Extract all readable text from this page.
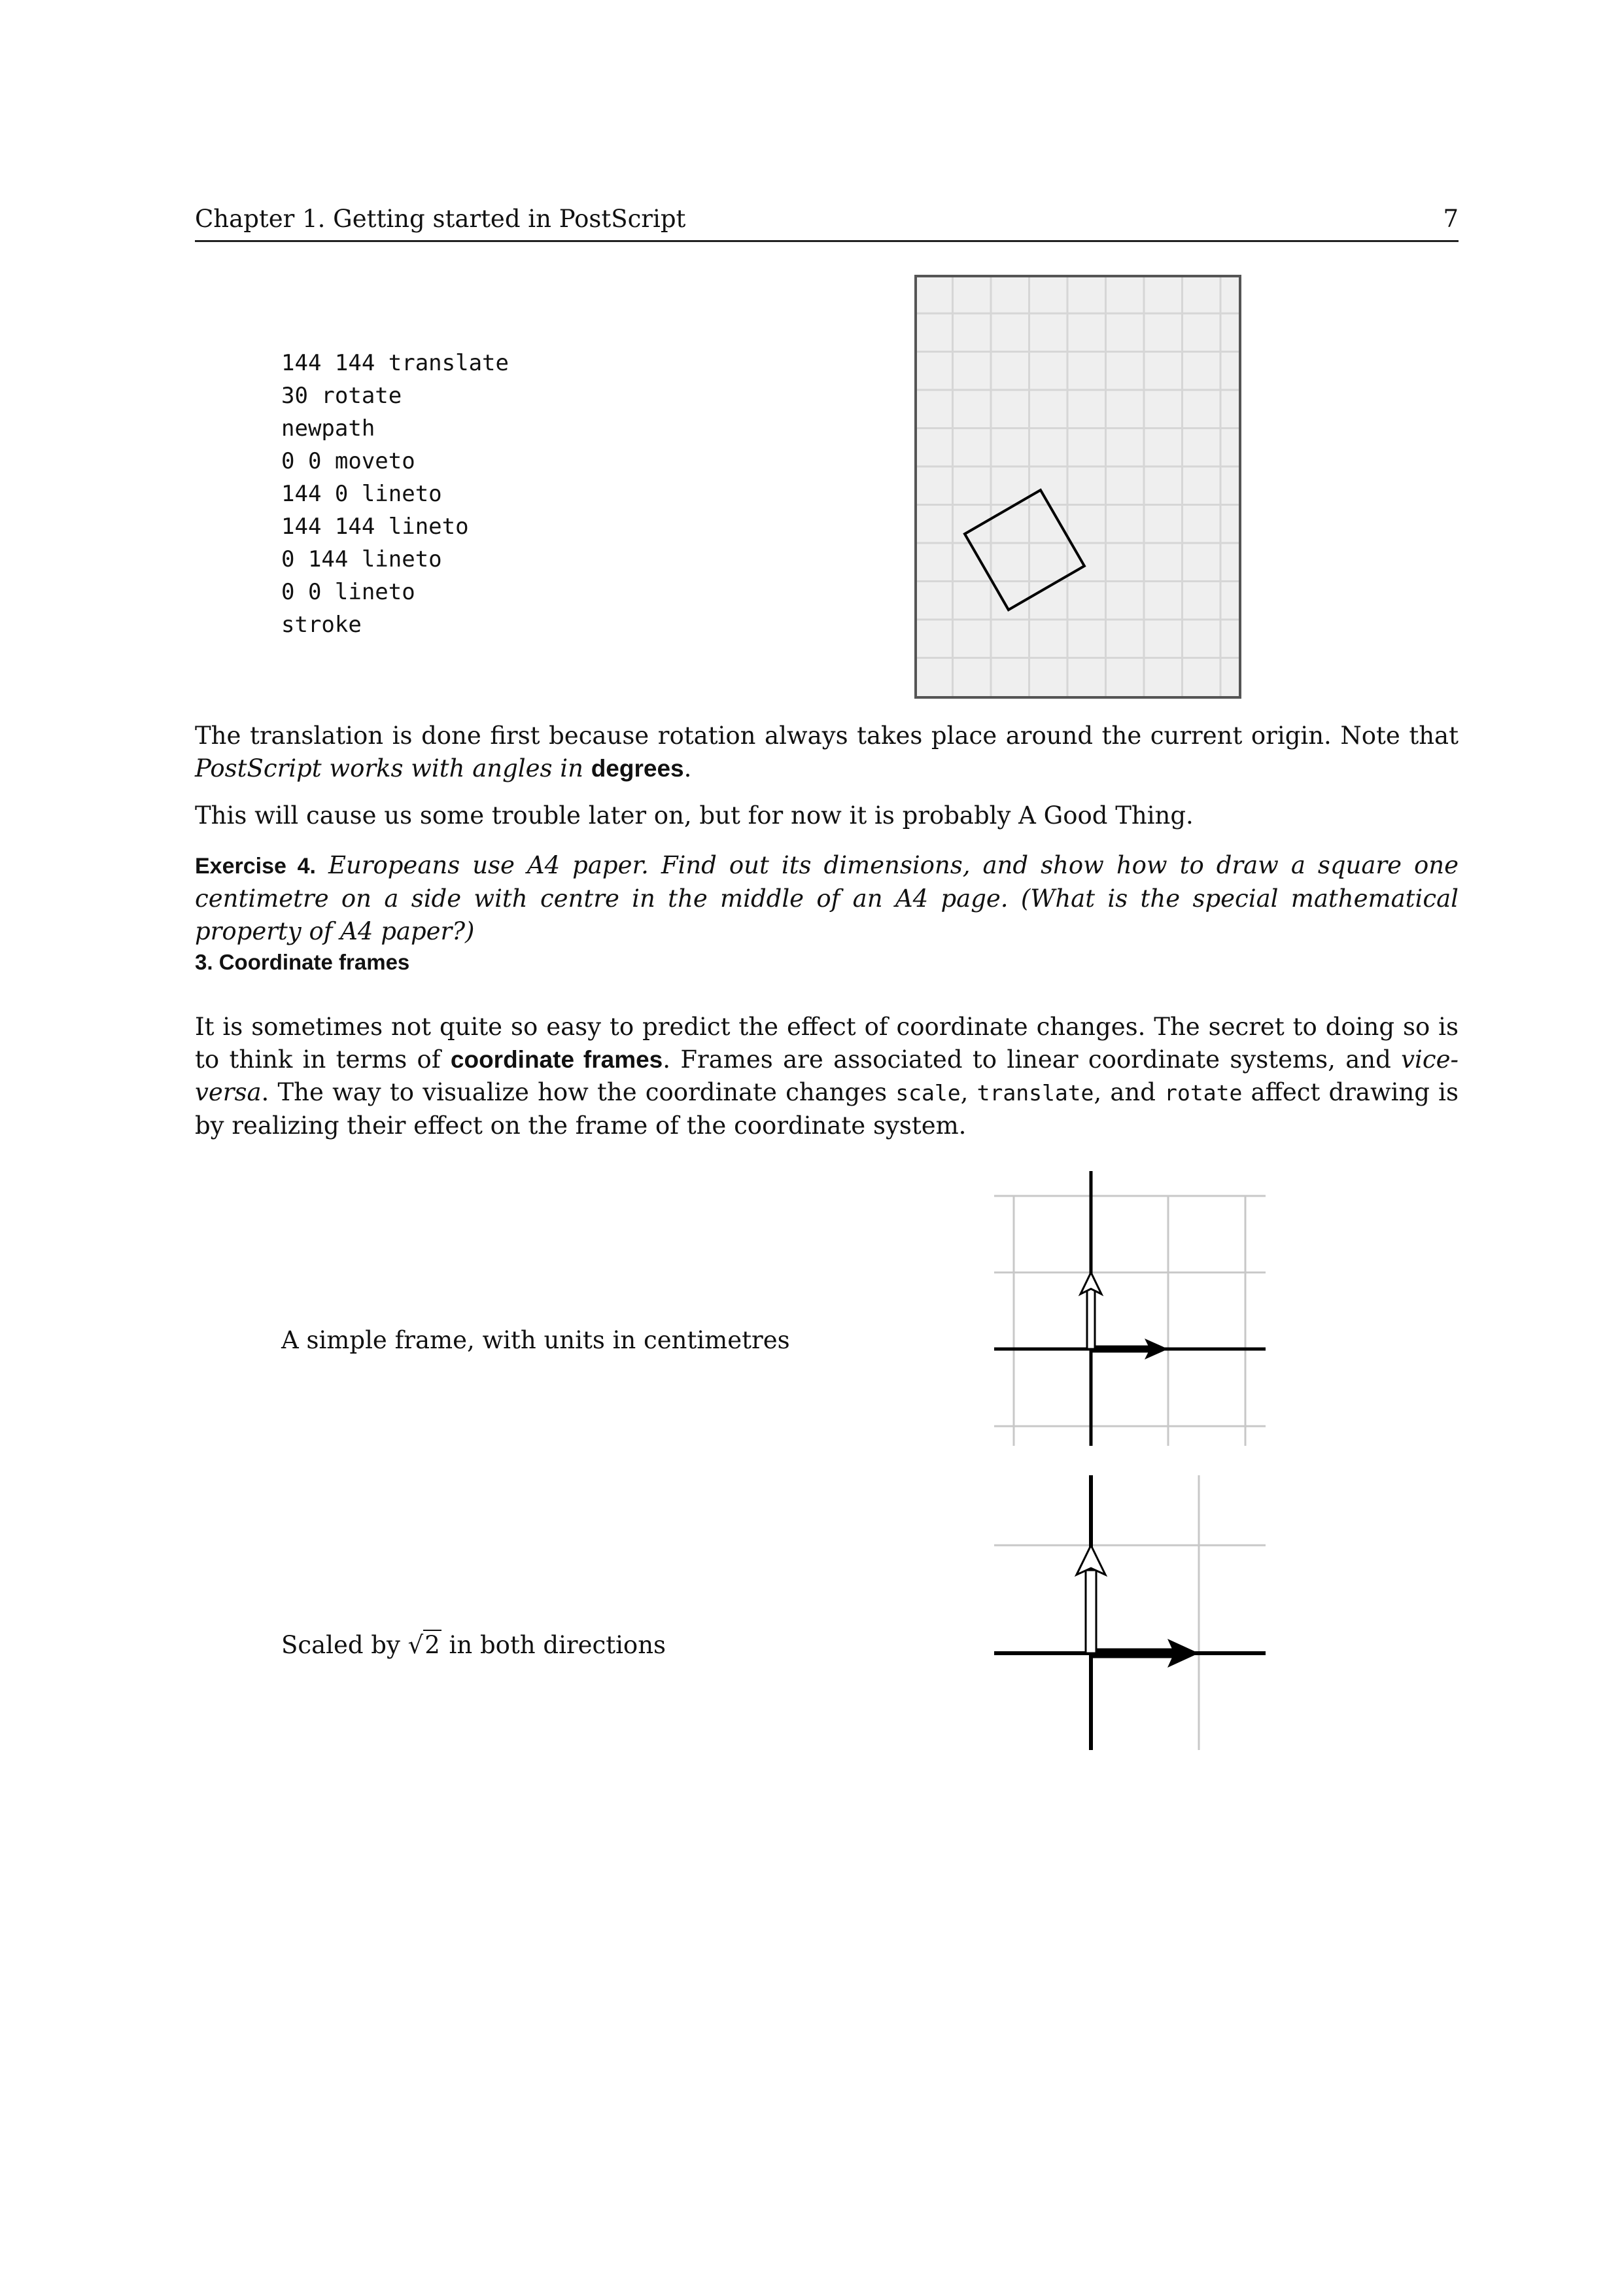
Chapter 1. Getting started in PostScript	7
144 144 translate
30 rotate
newpath
0 0 moveto
144 0 lineto
144 144 lineto
0 144 lineto
0 0 lineto
stroke
The translation is done first because rotation always takes place around the current origin. Note that PostScript works with angles in degrees.
This will cause us some trouble later on, but for now it is probably A Good Thing.
Exercise 4. Europeans use A4 paper. Find out its dimensions, and show how to draw a square one centimetre on a side with centre in the middle of an A4 page. (What is the special mathematical property of A4 paper?)
3. Coordinate frames
It is sometimes not quite so easy to predict the effect of coordinate changes. The secret to doing so is to think in terms of coordinate frames. Frames are associated to linear coordinate systems, and vice-versa. The way to visualize how the coordinate changes scale, translate, and rotate affect drawing is by realizing their effect on the frame of the coordinate system.
A simple frame, with units in centimetres
Scaled by √2 in both directions
